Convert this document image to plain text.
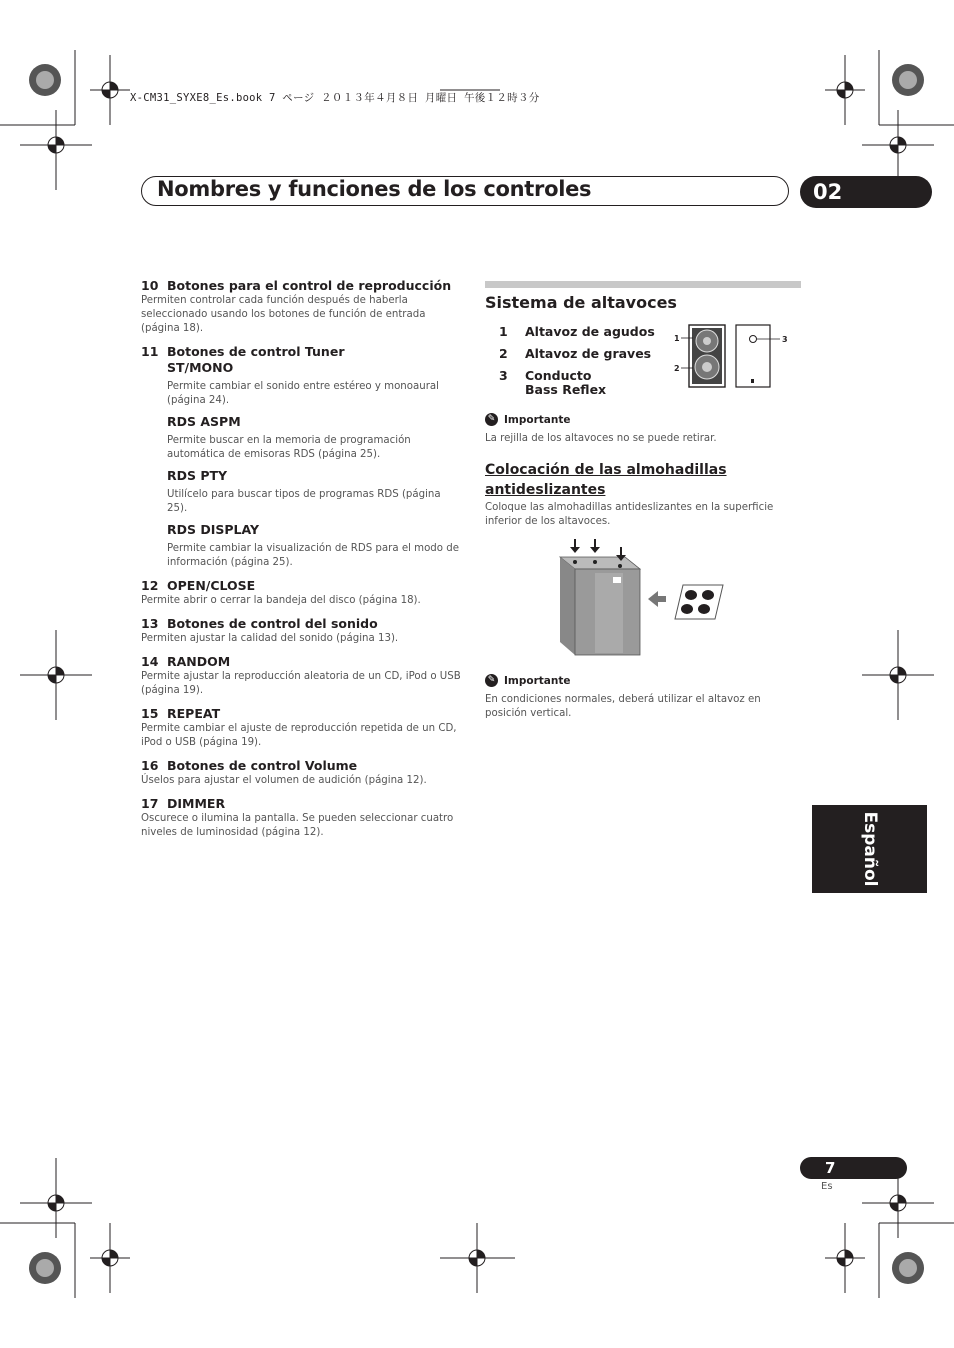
X-CM31_SYXE8_Es.book 7 ページ ２０１３年４月８日 月曜日 午後１２時３分
Nombres y funciones de los controles	02
10 Botones para el control de reproducción
Permiten controlar cada función después de haberla seleccionado usando los botones de función de entrada (página 18).
11 Botones de control Tuner
ST/MONO
Permite cambiar el sonido entre estéreo y monoaural (página 24).
RDS ASPM
Permite buscar en la memoria de programación automática de emisoras RDS (página 25).
RDS PTY
Utilícelo para buscar tipos de programas RDS (página 25).
RDS DISPLAY
Permite cambiar la visualización de RDS para el modo de información (página 25).
12 OPEN/CLOSE
Permite abrir o cerrar la bandeja del disco (página 18).
13 Botones de control del sonido
Permiten ajustar la calidad del sonido (página 13).
14 RANDOM
Permite ajustar la reproducción aleatoria de un CD, iPod o USB (página 19).
15 REPEAT
Permite cambiar el ajuste de reproducción repetida de un CD, iPod o USB (página 19).
16 Botones de control Volume
Úselos para ajustar el volumen de audición (página 12).
17 DIMMER
Oscurece o ilumina la pantalla. Se pueden seleccionar cuatro niveles de luminosidad (página 12).
Sistema de altavoces
1	Altavoz de agudos
2	Altavoz de graves
3	Conducto Bass Reflex
1
2
3
✎ Importante
La rejilla de los altavoces no se puede retirar.
Colocación de las almohadillas antideslizantes
Coloque las almohadillas antideslizantes en la superficie inferior de los altavoces.
✎ Importante
En condiciones normales, deberá utilizar el altavoz en posición vertical.
Español
7
Es
